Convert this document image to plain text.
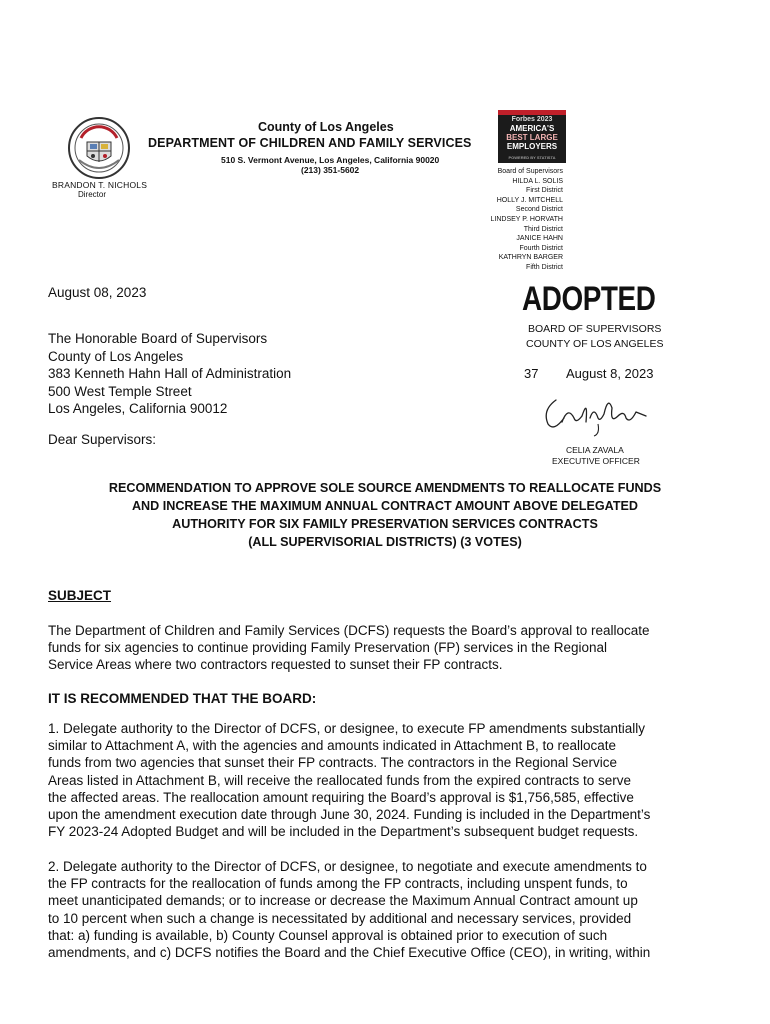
BRANDON T. NICHOLS
Director
County of Los Angeles
DEPARTMENT OF CHILDREN AND FAMILY SERVICES
510 S. Vermont Avenue, Los Angeles, California 90020
(213) 351-5602
Forbes 2023
AMERICA'S
BEST LARGE
EMPLOYERS
POWERED BY STATISTA
Board of Supervisors
HILDA L. SOLIS
First District
HOLLY J. MITCHELL
Second District
LINDSEY P. HORVATH
Third District
JANICE HAHN
Fourth District
KATHRYN BARGER
Fifth District
August 08, 2023
The Honorable Board of Supervisors
County of Los Angeles
383 Kenneth Hahn Hall of Administration
500 West Temple Street
Los Angeles, California 90012
Dear Supervisors:
ADOPTED
BOARD OF SUPERVISORS
COUNTY OF LOS ANGELES
37 August 8, 2023
CELIA ZAVALA
EXECUTIVE OFFICER
RECOMMENDATION TO APPROVE SOLE SOURCE AMENDMENTS TO REALLOCATE FUNDS
AND INCREASE THE MAXIMUM ANNUAL CONTRACT AMOUNT ABOVE DELEGATED
AUTHORITY FOR SIX FAMILY PRESERVATION SERVICES CONTRACTS
(ALL SUPERVISORIAL DISTRICTS) (3 VOTES)
SUBJECT
The Department of Children and Family Services (DCFS) requests the Board’s approval to reallocate
funds for six agencies to continue providing Family Preservation (FP) services in the Regional
Service Areas where two contractors requested to sunset their FP contracts.
IT IS RECOMMENDED THAT THE BOARD:
1. Delegate authority to the Director of DCFS, or designee, to execute FP amendments substantially
similar to Attachment A, with the agencies and amounts indicated in Attachment B, to reallocate
funds from two agencies that sunset their FP contracts. The contractors in the Regional Service
Areas listed in Attachment B, will receive the reallocated funds from the expired contracts to serve
the affected areas. The reallocation amount requiring the Board’s approval is $1,756,585, effective
upon the amendment execution date through June 30, 2024. Funding is included in the Department’s
FY 2023-24 Adopted Budget and will be included in the Department’s subsequent budget requests.
2. Delegate authority to the Director of DCFS, or designee, to negotiate and execute amendments to
the FP contracts for the reallocation of funds among the FP contracts, including unspent funds, to
meet unanticipated demands; or to increase or decrease the Maximum Annual Contract amount up
to 10 percent when such a change is necessitated by additional and necessary services, provided
that: a) funding is available, b) County Counsel approval is obtained prior to execution of such
amendments, and c) DCFS notifies the Board and the Chief Executive Office (CEO), in writing, within
